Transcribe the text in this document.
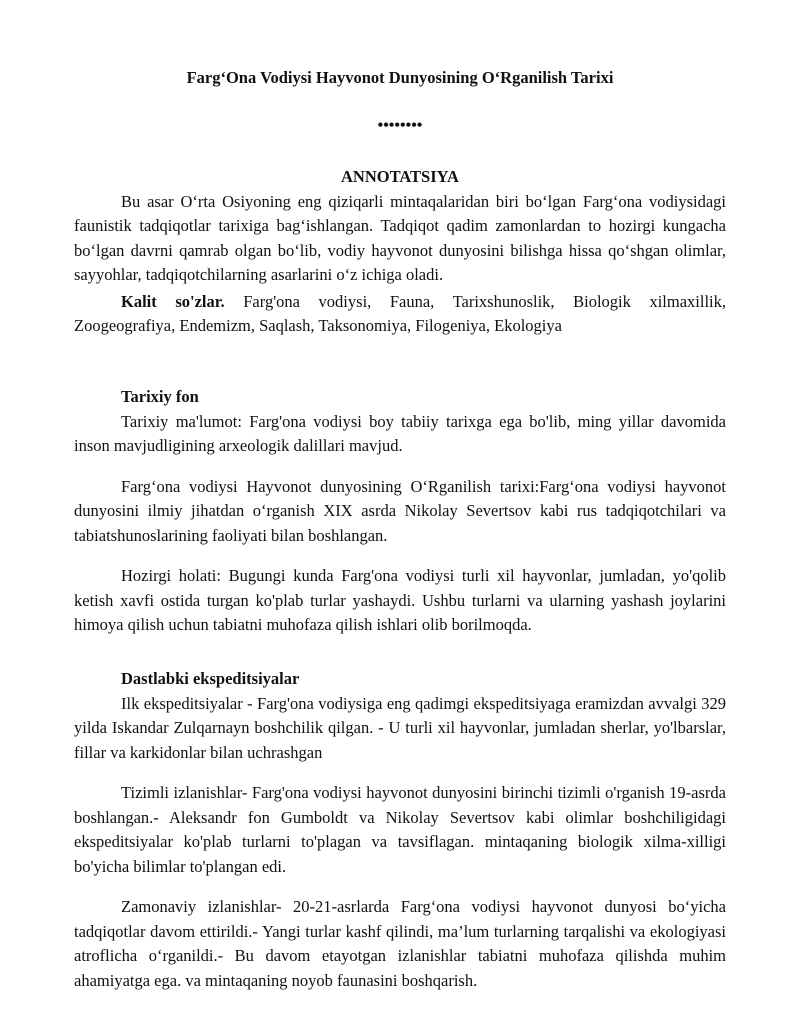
Farg‘Ona Vodiysi Hayvonot Dunyosining O‘Rganilish Tarixi
••••••••
ANNOTATSIYA

Bu asar O‘rta Osiyoning eng qiziqarli mintaqalaridan biri bo‘lgan Farg‘ona vodiysidagi faunistik tadqiqotlar tarixiga bag‘ishlangan. Tadqiqot qadim zamonlardan to hozirgi kungacha bo‘lgan davrni qamrab olgan bo‘lib, vodiy hayvonot dunyosini bilishga hissa qo‘shgan olimlar, sayyohlar, tadqiqotchilarning asarlarini o‘z ichiga oladi.

Kalit so'zlar. Farg'ona vodiysi, Fauna, Tarixshunoslik, Biologik xilmaxillik, Zoogeografiya, Endemizm, Saqlash, Taksonomiya, Filogeniya, Ekologiya

Tarixiy fon

Tarixiy ma'lumot: Farg'ona vodiysi boy tabiiy tarixga ega bo'lib, ming yillar davomida inson mavjudligining arxeologik dalillari mavjud.

Farg‘ona vodiysi Hayvonot dunyosining O‘Rganilish tarixi:Farg‘ona vodiysi hayvonot dunyosini ilmiy jihatdan o‘rganish XIX asrda Nikolay Severtsov kabi rus tadqiqotchilari va tabiatshunoslarining faoliyati bilan boshlangan.

Hozirgi holati: Bugungi kunda Farg'ona vodiysi turli xil hayvonlar, jumladan, yo'qolib ketish xavfi ostida turgan ko'plab turlar yashaydi. Ushbu turlarni va ularning yashash joylarini himoya qilish uchun tabiatni muhofaza qilish ishlari olib borilmoqda.

Dastlabki ekspeditsiyalar

Ilk ekspeditsiyalar - Farg'ona vodiysiga eng qadimgi ekspeditsiyaga eramizdan avvalgi 329 yilda Iskandar Zulqarnayn boshchilik qilgan. - U turli xil hayvonlar, jumladan sherlar, yo'lbarslar, fillar va karkidonlar bilan uchrashgan

Tizimli izlanishlar- Farg'ona vodiysi hayvonot dunyosini birinchi tizimli o'rganish 19-asrda boshlangan.- Aleksandr fon Gumboldt va Nikolay Severtsov kabi olimlar boshchiligidagi ekspeditsiyalar ko'plab turlarni to'plagan va tavsiflagan. mintaqaning biologik xilma-xilligi bo'yicha bilimlar to'plangan edi.

Zamonaviy izlanishlar- 20-21-asrlarda Farg‘ona vodiysi hayvonot dunyosi bo‘yicha tadqiqotlar davom ettirildi.- Yangi turlar kashf qilindi, ma’lum turlarning tarqalishi va ekologiyasi atroflicha o‘rganildi.- Bu davom etayotgan izlanishlar tabiatni muhofaza qilishda muhim ahamiyatga ega. va mintaqaning noyob faunasini boshqarish.
